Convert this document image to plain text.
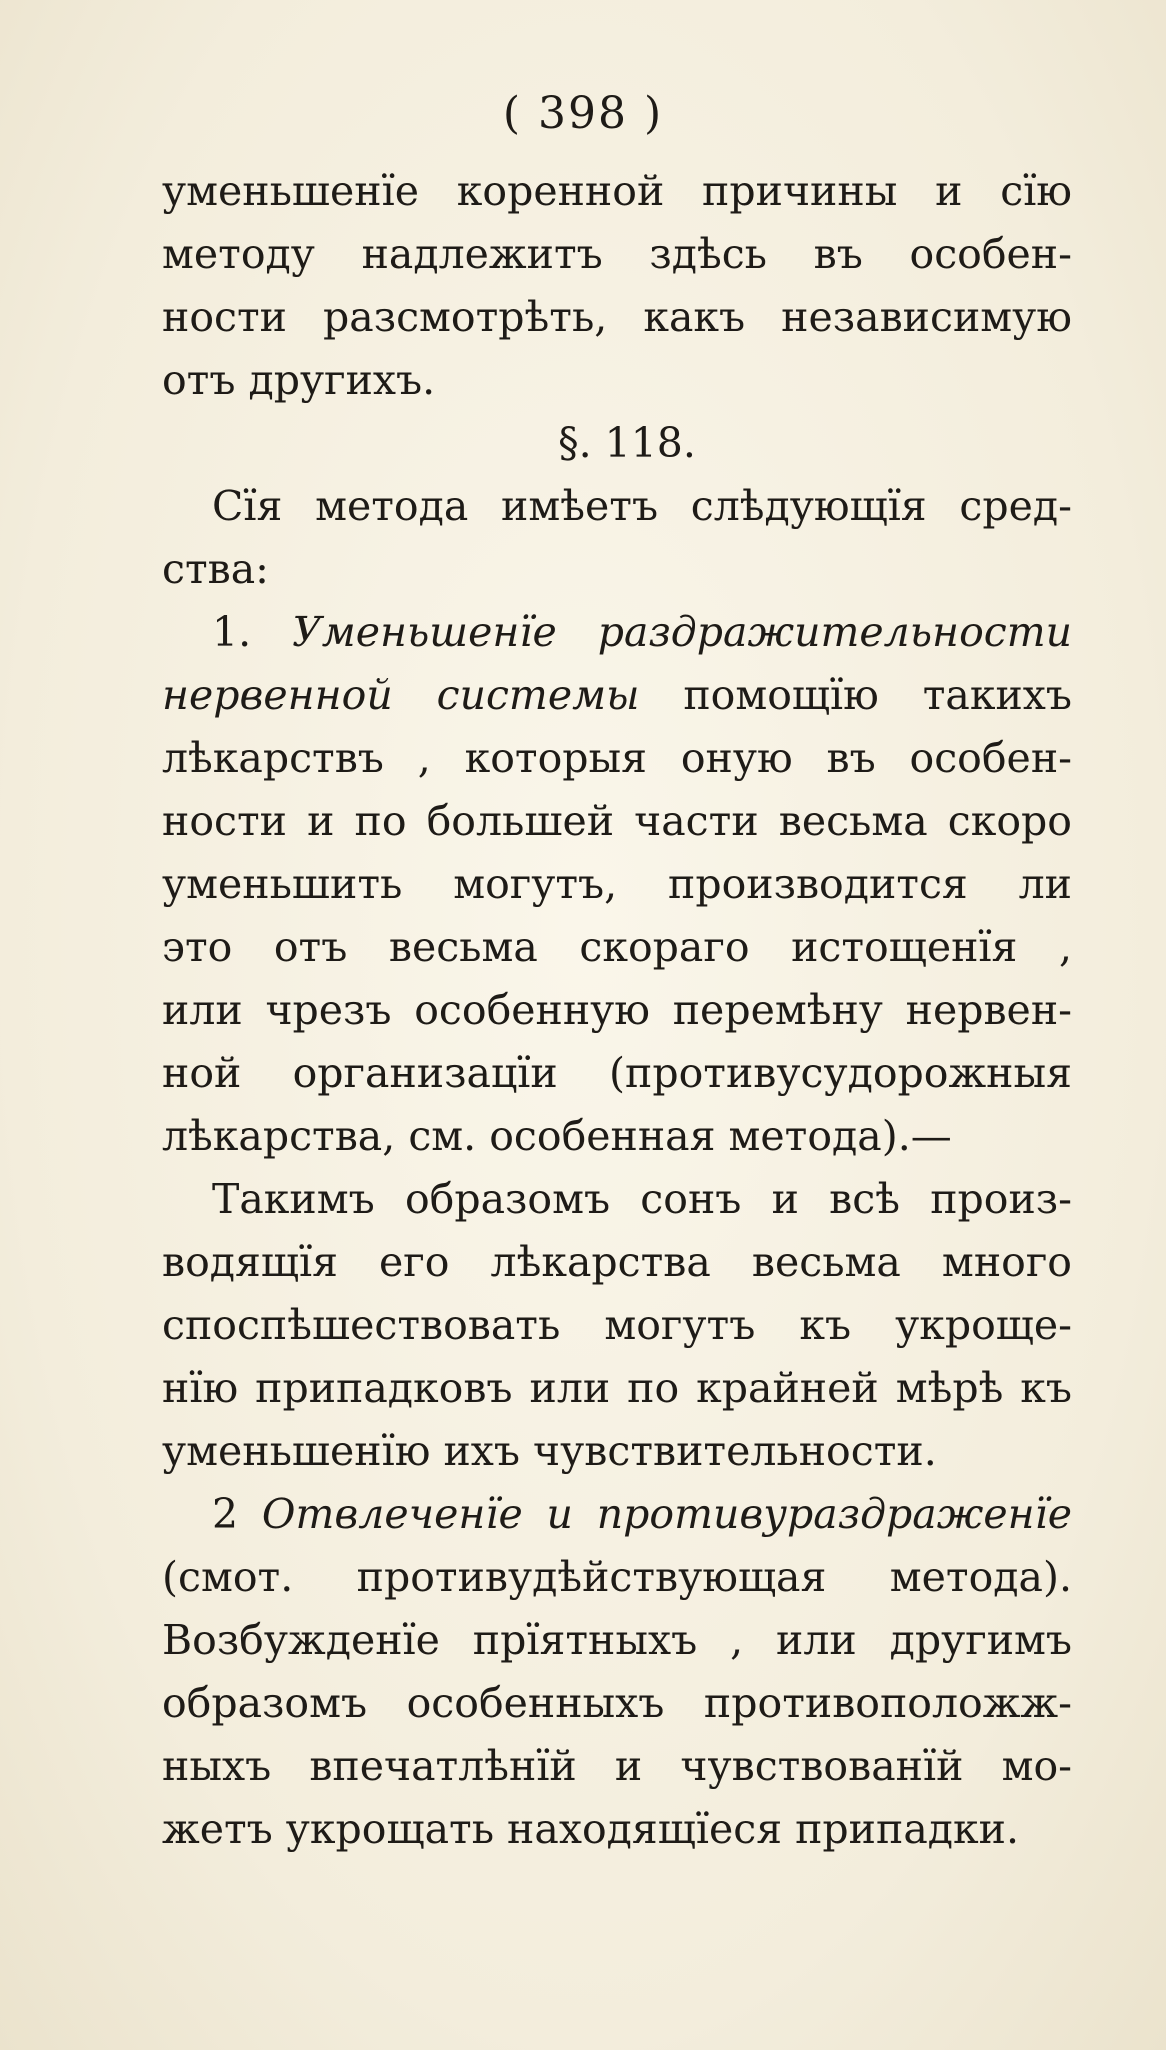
( 398 )
уменьшенїе коренной причины и сїю
методу надлежитъ здѣсь въ особен-
ности разсмотрѣть, какъ независимую
отъ другихъ.
§. 118.
Сїя метода имѣетъ слѣдующїя сред-
ства:
1. Уменьшенїе раздражительности
нервенной системы помощїю такихъ
лѣкарствъ , которыя оную въ особен-
ности и по большей части весьма скоро
уменьшить могутъ, производится ли
это отъ весьма скораго истощенїя ,
или чрезъ особенную перемѣну нервен-
ной организацїи (противусудорожныя
лѣкарства, см. особенная метода).—
Такимъ образомъ сонъ и всѣ произ-
водящїя его лѣкарства весьма много
споспѣшествовать могутъ къ укроще-
нїю припадковъ или по крайней мѣрѣ къ
уменьшенїю ихъ чувствительности.
2 Отвлеченїе и противураздраженїе
(смот. противудѣйствующая метода).
Возбужденїе прїятныхъ , или другимъ
образомъ особенныхъ противоположж-
ныхъ впечатлѣнїй и чувствованїй мо-
жетъ укрощать находящїеся припадки.
